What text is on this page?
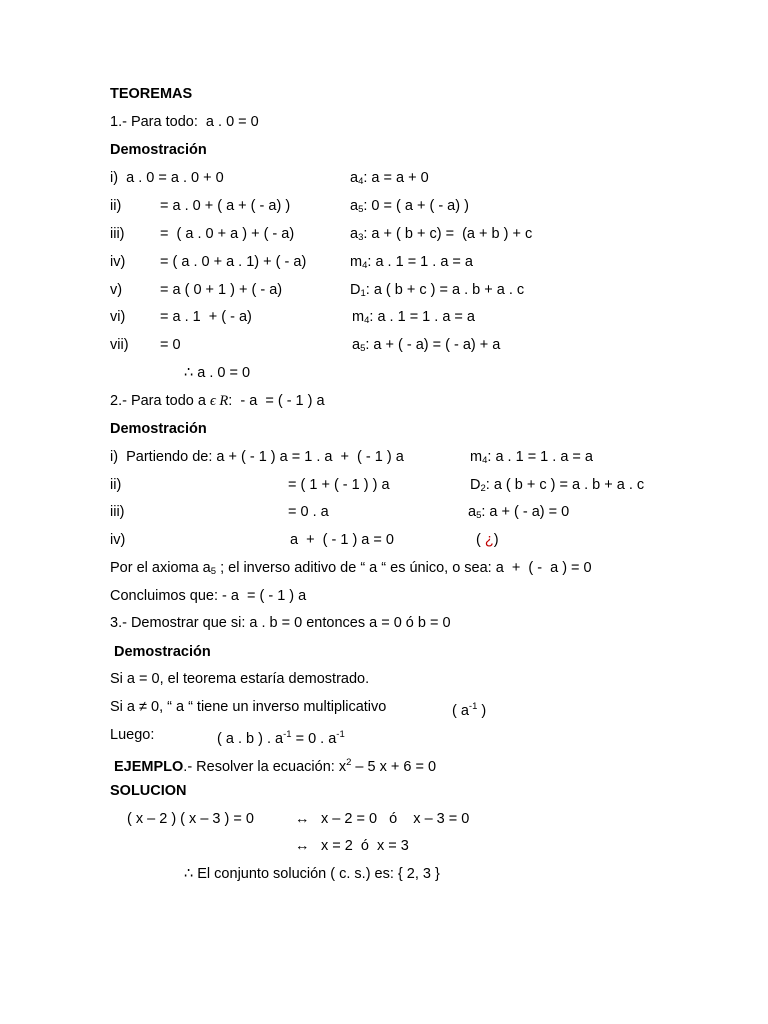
TEOREMAS
1.- Para todo:  a . 0 = 0
Demostración
i)  a . 0 = a . 0 + 0	$a_4$: a = a + 0
ii)	= a . 0 + ( a + ( - a) )	$a_5$: 0 = ( a + ( - a) )
iii) =  ( a . 0 + a ) + ( - a)	$a_3$: a + ( b + c) =  (a + b ) + c
iv) = ( a . 0 + a . 1) + ( - a)	$m_4$: a . 1 = 1 . a = a
v)	= a ( 0 + 1 ) + ( - a)	$D_1$: a ( b + c ) = a . b + a . c
vi) = a . 1  + ( - a)	$m_4$: a . 1 = 1 . a = a
vii) = 0	$a_5$: a + ( - a) = ( - a) + a
∴ a . 0 = 0
2.- Para todo a ϵ R:  - a  = ( - 1 ) a
Demostración
i)  Partiendo de: a + ( - 1 ) a = 1 . a  +  ( - 1 ) a	$m_4$: a . 1 = 1 . a = a
ii)	= ( 1 + ( - 1 ) ) a	$D_2$: a ( b + c ) = a . b + a . c
iii)	= 0 . a	$a_5$: a + ( - a) = 0
iv)	a  +  ( - 1 ) a = 0	( ¿)
Por el axioma $a_5$ ; el inverso aditivo de “ a “ es único, o sea: a  +  ( -  a ) = 0
Concluimos que: - a  = ( - 1 ) a
3.- Demostrar que si: a . b = 0 entonces a = 0 ó b = 0
Demostración
Si a = 0, el teorema estaría demostrado.
Si a ≠ 0, “ a “ tiene un inverso multiplicativo	( $a^{-1}$ )
Luego:	( a . b ) . $a^{-1} = 0$ . $a^{-1}$
EJEMPLO.- Resolver la ecuación: $x^2 - 5$ x + 6 = 0
SOLUCION
( x – 2 ) ( x – 3 ) = 0	↔ x – 2 = 0   ó    x – 3 = 0
↔ x = 2  ó  x = 3
∴ El conjunto solución ( c. s.) es: { 2, 3 }
